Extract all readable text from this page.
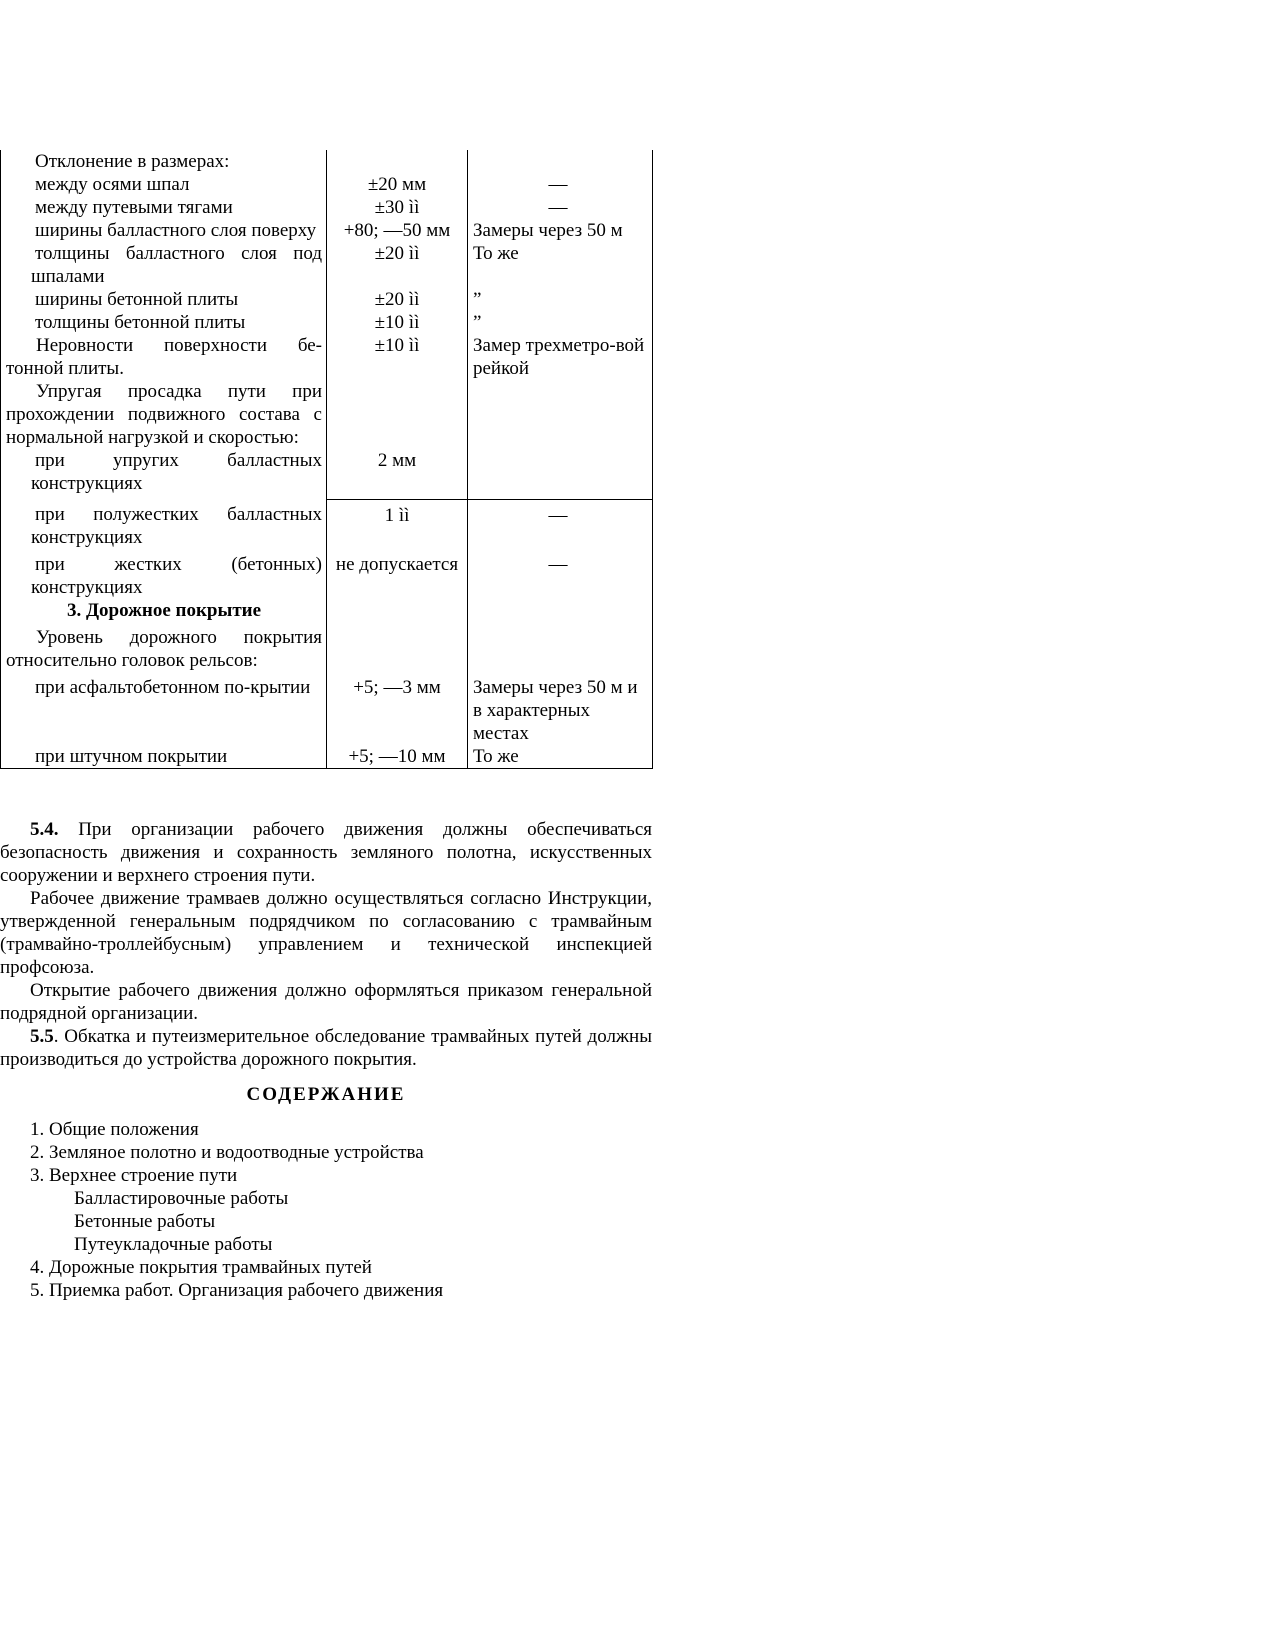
Отклонение в размерах:		
между осями шпал	±20 мм	—
между путевыми тягами	±30 ìì	—
ширины балластного слоя поверху	+80; —50 мм	Замеры через 50 м
толщины балластного слоя под шпалами	±20 ìì	То же
ширины бетонной плиты	±20 ìì	”
толщины бетонной плиты	±10 ìì	”
Неровности поверхности бе-тонной плиты.	±10 ìì	Замер трехметро-вой рейкой
Упругая просадка пути при прохождении подвижного состава с нормальной нагрузкой и скоростью:		
при упругих балластных конструкциях	2 мм	
при полужестких балластных конструкциях	1 ìì	—
при жестких (бетонных) конструкциях	не допускается	—
3. Дорожное покрытие		
Уровень дорожного покрытия относительно головок рельсов:		
при асфальтобетонном по-крытии	+5; —3 мм	Замеры через 50 м и в характерных местах
при штучном покрытии	+5; —10 мм	То же

5.4. При организации рабочего движения должны обеспечиваться безопасность движения и сохранность земляного полотна, искусственных сооружении и верхнего строения пути.

Рабочее движение трамваев должно осуществляться согласно Инструкции, утвержденной генеральным подрядчиком по согласованию с трамвайным (трамвайно-троллейбусным) управлением и технической инспекцией профсоюза.

Открытие рабочего движения должно оформляться приказом генеральной подрядной организации.

5.5. Обкатка и путеизмерительное обследование трамвайных путей должны производиться до устройства дорожного покрытия.

СОДЕРЖАНИЕ

1. Общие положения
2. Земляное полотно и водоотводные устройства
3. Верхнее строение пути
Балластировочные работы
Бетонные работы
Путеукладочные работы
4. Дорожные покрытия трамвайных путей
5. Приемка работ. Организация рабочего движения
